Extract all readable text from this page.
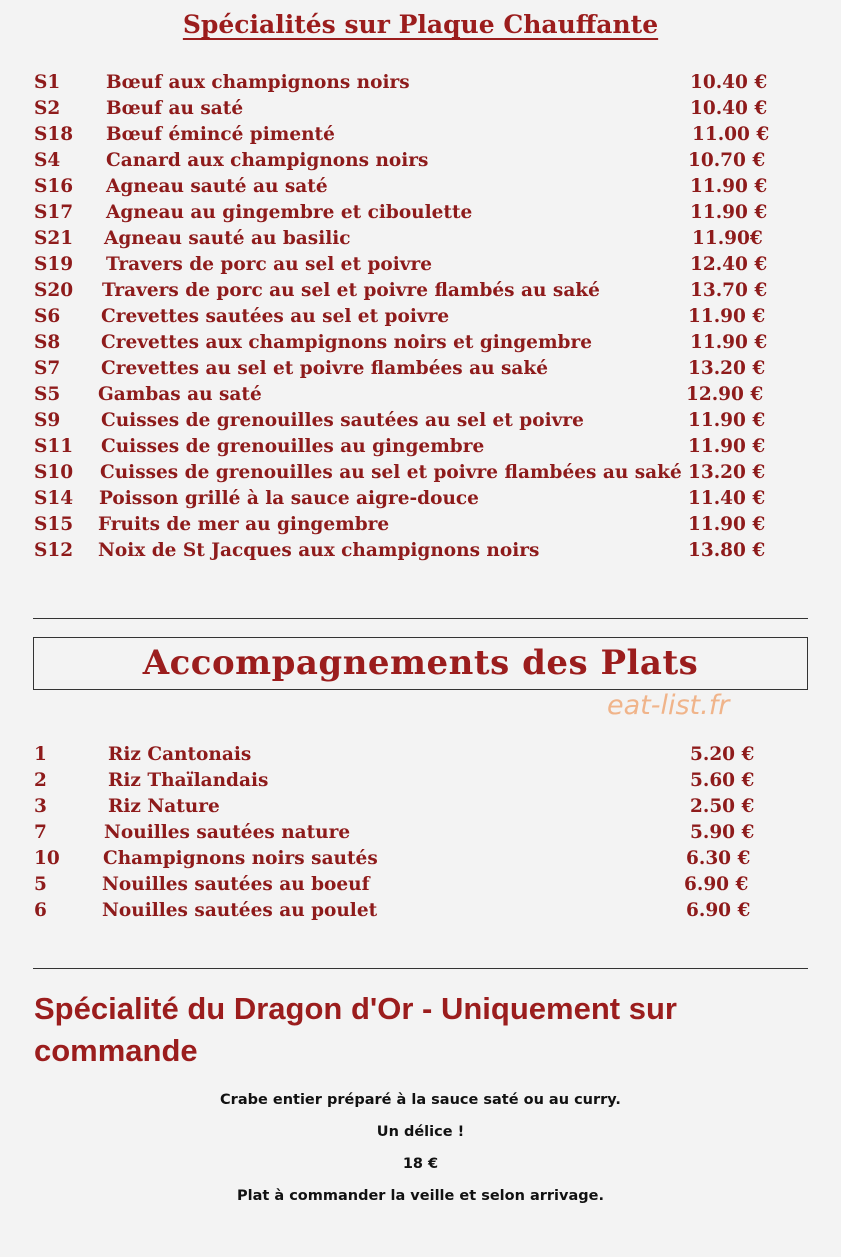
Spécialités sur Plaque Chauffante
S1 Bœuf aux champignons noirs	10.40 €
S2 Bœuf au saté	10.40 €
S18 Bœuf émincé pimenté	11.00 €
S4 Canard aux champignons noirs	10.70 €
S16 Agneau sauté au saté	11.90 €
S17 Agneau au gingembre et ciboulette	11.90 €
S21 Agneau sauté au basilic	11.90€
S19 Travers de porc au sel et poivre	12.40 €
S20 Travers de porc au sel et poivre flambés au saké	13.70 €
S6 Crevettes sautées au sel et poivre	11.90 €
S8 Crevettes aux champignons noirs et gingembre	11.90 €
S7 Crevettes au sel et poivre flambées au saké	13.20 €
S5 Gambas au saté	12.90 €
S9 Cuisses de grenouilles sautées au sel et poivre	11.90 €
S11 Cuisses de grenouilles au gingembre	11.90 €
S10 Cuisses de grenouilles au sel et poivre flambées au saké 13.20 €
S14 Poisson grillé à la sauce aigre-douce	11.40 €
S15 Fruits de mer au gingembre	11.90 €
S12 Noix de St Jacques aux champignons noirs	13.80 €
Accompagnements des Plats
eat-list.fr
1	Riz Cantonais	5.20 €
2	Riz Thaïlandais	5.60 €
3	Riz Nature	2.50 €
7	Nouilles sautées nature	5.90 €
10 Champignons noirs sautés	6.30 €
5	Nouilles sautées au boeuf	6.90 €
6	Nouilles sautées au poulet	6.90 €
Spécialité du Dragon d'Or - Uniquement sur commande
Crabe entier préparé à la sauce saté ou au curry.
Un délice !
18 €
Plat à commander la veille et selon arrivage.
